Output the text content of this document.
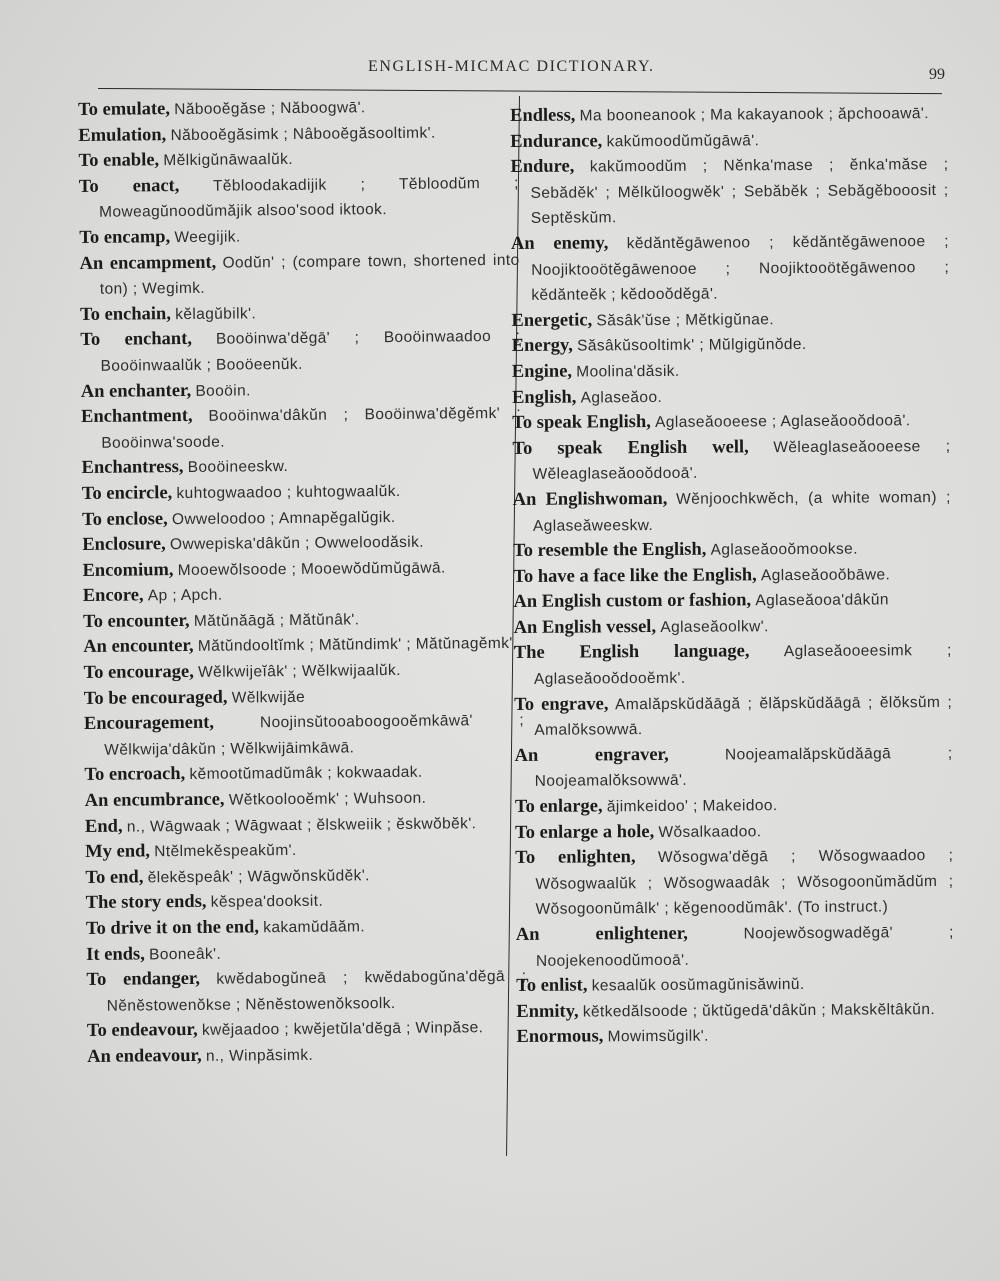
ENGLISH-MICMAC DICTIONARY.	99
To emulate, Năbooĕgăse ; Năboogwā'.
Emulation, Năbooĕgăsimk ; Nâbooĕgăsooltimk'.
To enable, Mĕlkigŭnāwaalŭk.
To enact, Tĕbloodakadijik ; Tĕbloodŭm ; Moweagŭnoodŭmăjik alsoo'sood iktook.
To encamp, Weegijik.
An encampment, Oodŭn' ; (compare town, shortened into ton) ; Wegimk.
To enchain, kĕlagŭbilk'.
To enchant, Booöinwa'dĕgā' ; Booöinwaadoo ; Booöinwaalŭk ; Booöeenŭk.
An enchanter, Booöin.
Enchantment, Booöinwa'dâkŭn ; Booöinwa'dĕgĕmk' ; Booöinwa'soode.
Enchantress, Booöineeskw.
To encircle, kuhtogwaadoo ; kuhtogwaalŭk.
To enclose, Owweloodoo ; Amnapĕgalŭgik.
Enclosure, Owwepiska'dâkŭn ; Owweloodăsik.
Encomium, Mooewŏlsoode ; Mooewŏdŭmŭgāwā.
Encore, Ap ; Apch.
To encounter, Mătŭnăāgă ; Mătŭnâk'.
An encounter, Mătŭndooltĭmk ; Mătŭndimk' ; Mătŭnagĕmk'.
To encourage, Wĕlkwijeĭâk' ; Wĕlkwijaalŭk.
To be encouraged, Wĕlkwijăe
Encouragement,	Noojinsŭtooaboogooĕmkāwā' ; Wĕlkwija'dâkŭn ; Wĕlkwijāimkāwā.
To encroach, kĕmootŭmadŭmâk ; kokwaadak.
An encumbrance, Wĕtkoolooĕmk' ; Wuhsoon.
End, n., Wāgwaak ; Wāgwaat ; ĕlskweiik ; ĕskwŏbĕk'.
My end, Ntĕlmekĕspeakŭm'.
To end, ĕlekĕspeâk' ; Wāgwŏnskŭdĕk'.
The story ends, kĕspea'dooksit.
To drive it on the end, kakamŭdāăm.
It ends, Booneâk'.
To endanger, kwĕdabogŭneā ; kwĕdabogŭna'dĕgā ; Nĕnĕstowenŏkse ; Nĕnĕstowenŏksoolk.
To endeavour, kwĕjaadoo ; kwĕjetŭla'dĕgā ; Winpăse.
An endeavour, n., Winpăsimk.
Endless, Ma booneanook ; Ma kakayanook ; ăpchooawā'.
Endurance, kakŭmoodŭmŭgāwā'.
Endure, kakŭmoodŭm ; Nĕnka'mase ; ĕnka'măse ; Sebădĕk' ; Mĕlkŭloogwĕk' ; Sebăbĕk ; Sebăgĕbooosit ; Septĕskŭm.
An enemy, kĕdăntĕgāwenoo ; kĕdăntĕgāwenooe ; Noojiktooötĕgāwenooe ; Noojiktooötĕgāwenoo ; kĕdănteĕk ; kĕdooŏdĕgā'.
Energetic, Săsâk'ŭse ; Mĕtkigŭnae.
Energy, Săsâkŭsooltimk' ; Mŭlgigŭnŏde.
Engine, Moolina'dăsik.
English, Aglaseăoo.
To speak English, Aglaseăooeese ; Aglaseăooŏdooā'.
To speak English well, Wĕleaglaseăooeese ; Wĕleaglaseăooŏdooā'.
An Englishwoman, Wĕnjoochkwĕch, (a white woman) ; Aglaseăweeskw.
To resemble the English, Aglaseăooŏmookse.
To have a face like the English, Aglaseăooŏbāwe.
An English custom or fashion, Aglaseăooa'dâkŭn
An English vessel, Aglaseăoolkw'.
The English language, Aglaseăooeesimk ; Aglaseăooŏdooĕmk'.
To engrave, Amalăpskŭdăāgă ; ĕlăpskŭdăāgā ; ĕlŏksŭm ; Amalŏksowwā.
An engraver,	Noojeamalăpskŭdăāgā ; Noojeamalŏksowwā'.
To enlarge, ăjimkeidoo' ; Makeidoo.
To enlarge a hole, Wŏsalkaadoo.
To enlighten, Wŏsogwa'dĕgā ; Wŏsogwaadoo ; Wŏsogwaalŭk ; Wŏsogwaadâk ; Wŏsogoonŭmădŭm ; Wŏsogoonŭmâlk' ; kĕgenoodŭmâk'. (To instruct.)
An enlightener,	Noojewŏsogwadĕgā' ; Noojekenoodŭmooā'.
To enlist, kesaalŭk oosŭmagŭnisăwinŭ.
Enmity, kĕtkedălsoode ; ŭktŭgedā'dâkŭn ; Makskĕltâkŭn.
Enormous, Mowimsŭgilk'.
